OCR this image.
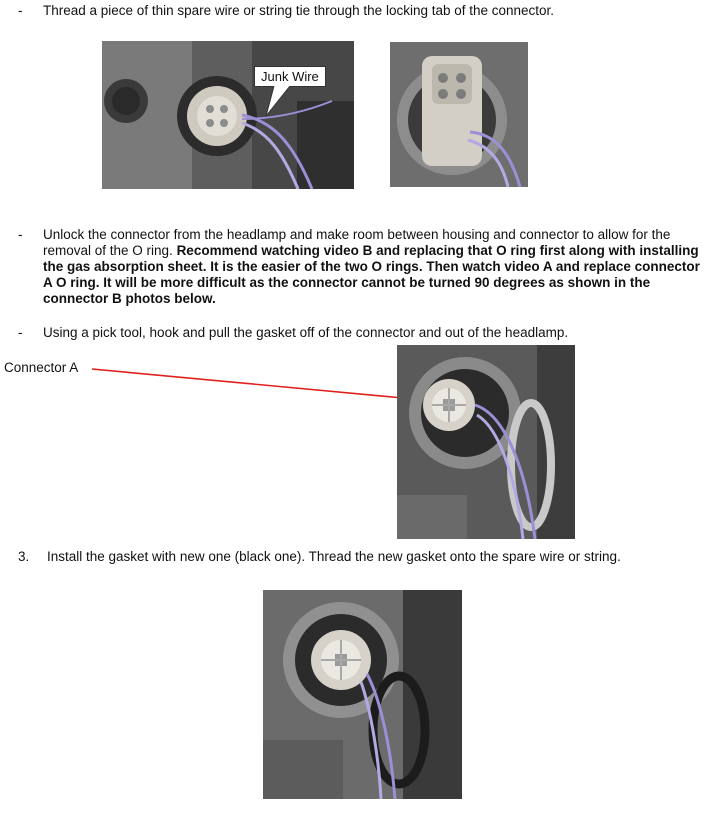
- Thread a piece of thin spare wire or string tie through the locking tab of the connector.
Junk Wire
- Unlock the connector from the headlamp and make room between housing and connector to allow for the removal of the O ring. Recommend watching video B and replacing that O ring first along with installing the gas absorption sheet. It is the easier of the two O rings. Then watch video A and replace connector A O ring. It will be more difficult as the connector cannot be turned 90 degrees as shown in the connector B photos below.
- Using a pick tool, hook and pull the gasket off of the connector and out of the headlamp.
Connector A
3. Install the gasket with new one (black one). Thread the new gasket onto the spare wire or string.
